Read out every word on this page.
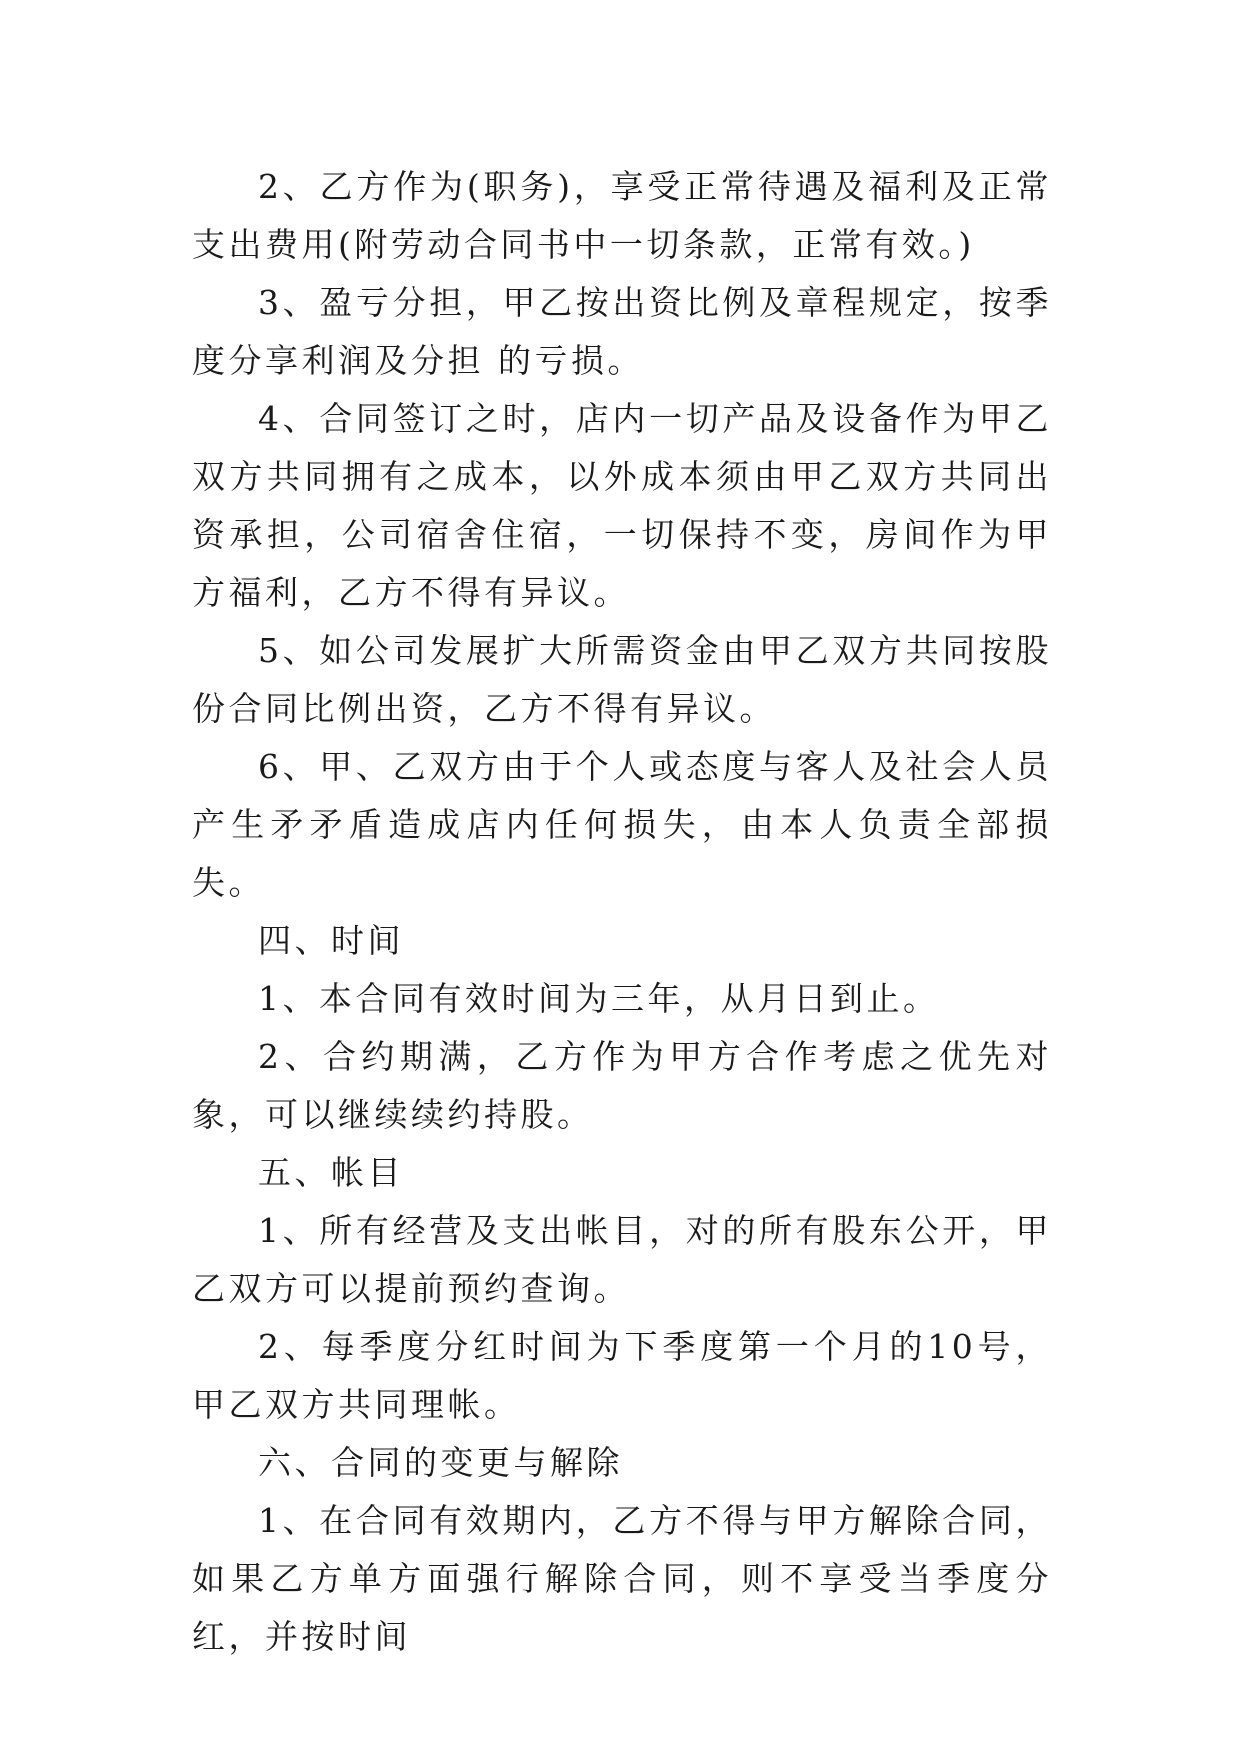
2、乙方作为(职务)，享受正常待遇及福利及正常支出费用(附劳动合同书中一切条款，正常有效。)

3、盈亏分担，甲乙按出资比例及章程规定，按季度分享利润及分担 的亏损。

4、合同签订之时，店内一切产品及设备作为甲乙双方共同拥有之成本，以外成本须由甲乙双方共同出资承担，公司宿舍住宿，一切保持不变，房间作为甲方福利，乙方不得有异议。

5、如公司发展扩大所需资金由甲乙双方共同按股份合同比例出资，乙方不得有异议。

6、甲、乙双方由于个人或态度与客人及社会人员产生矛矛盾造成店内任何损失，由本人负责全部损失。

四、时间

1、本合同有效时间为三年，从月日到止。

2、合约期满，乙方作为甲方合作考虑之优先对象，可以继续续约持股。

五、帐目

1、所有经营及支出帐目，对的所有股东公开，甲乙双方可以提前预约查询。

2、每季度分红时间为下季度第一个月的10号，甲乙双方共同理帐。

六、合同的变更与解除

1、在合同有效期内，乙方不得与甲方解除合同，如果乙方单方面强行解除合同，则不享受当季度分红，并按时间
